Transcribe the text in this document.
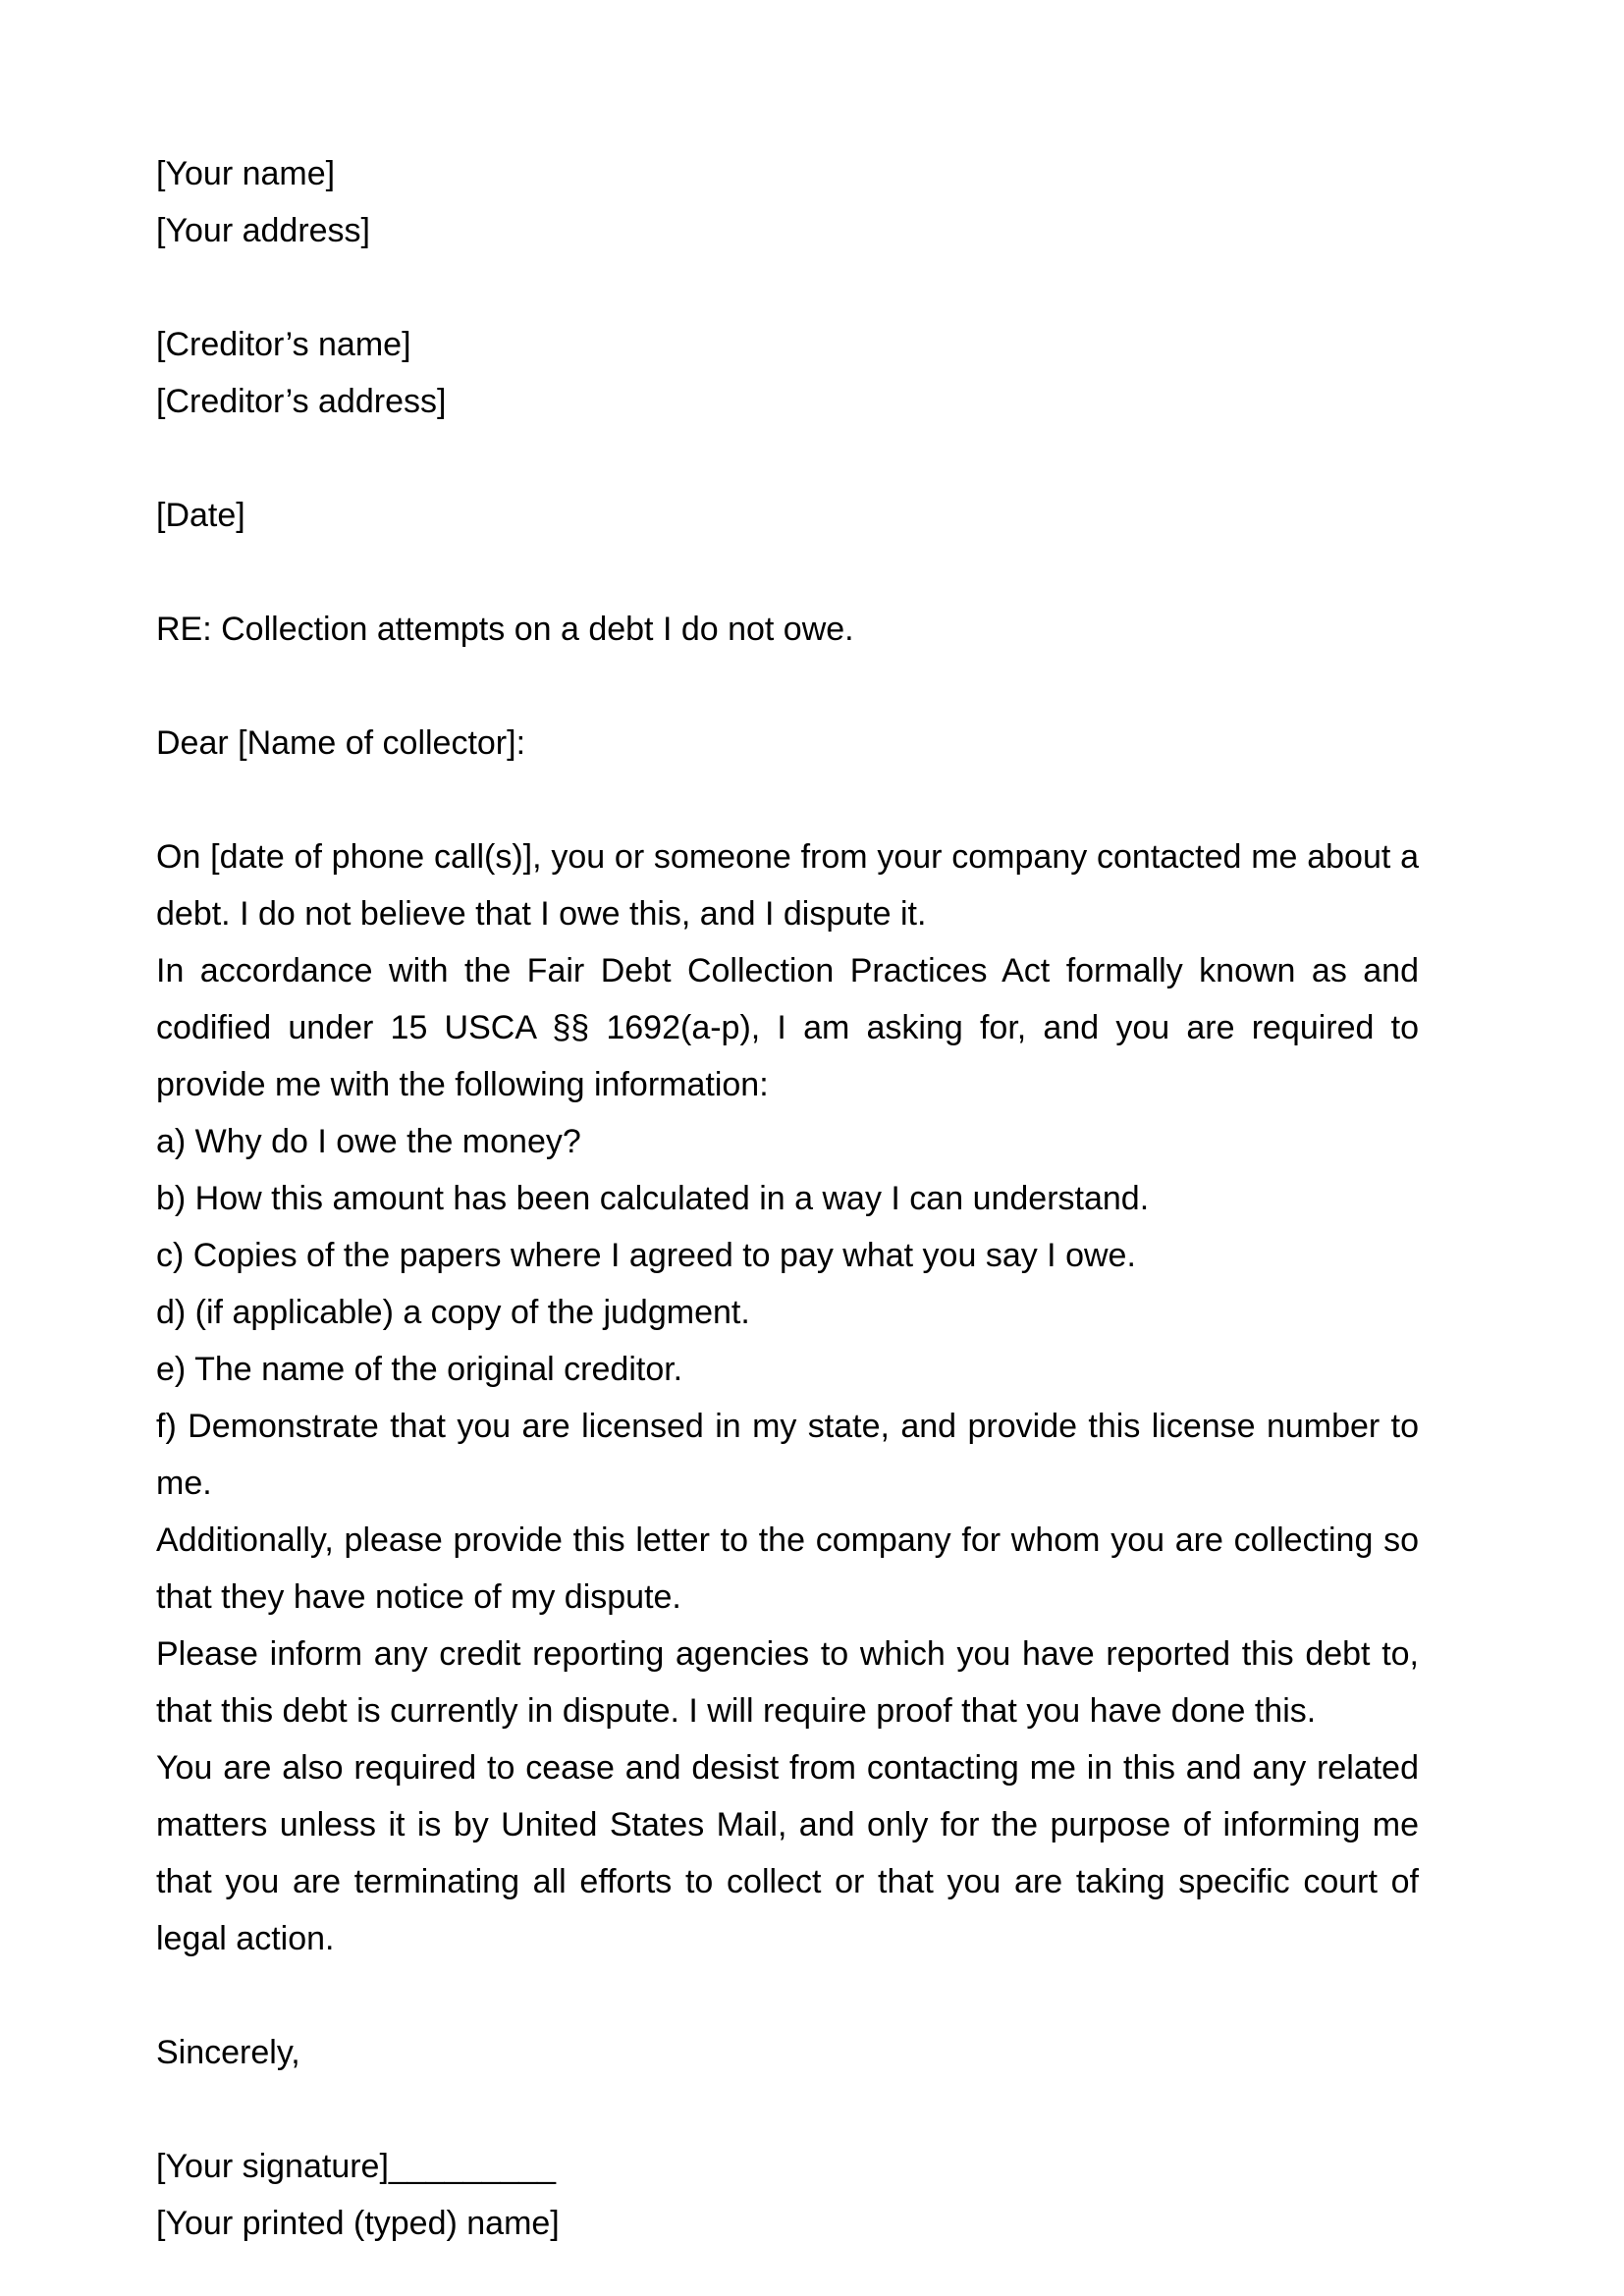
[Your name]
[Your address]
[Creditor’s name]
[Creditor’s address]
[Date]
RE: Collection attempts on a debt I do not owe.
Dear [Name of collector]:
On [date of phone call(s)], you or someone from your company contacted me about a debt. I do not believe that I owe this, and I dispute it.
In accordance with the Fair Debt Collection Practices Act formally known as and codified under 15 USCA §§ 1692(a-p), I am asking for, and you are required to provide me with the following information:
a) Why do I owe the money?
b) How this amount has been calculated in a way I can understand.
c) Copies of the papers where I agreed to pay what you say I owe.
d) (if applicable) a copy of the judgment.
e) The name of the original creditor.
f) Demonstrate that you are licensed in my state, and provide this license number to me.
Additionally, please provide this letter to the company for whom you are collecting so that they have notice of my dispute.
Please inform any credit reporting agencies to which you have reported this debt to, that this debt is currently in dispute. I will require proof that you have done this.
You are also required to cease and desist from contacting me in this and any related matters unless it is by United States Mail, and only for the purpose of informing me that you are terminating all efforts to collect or that you are taking specific court of legal action.
Sincerely,
[Your signature]_________
[Your printed (typed) name]
